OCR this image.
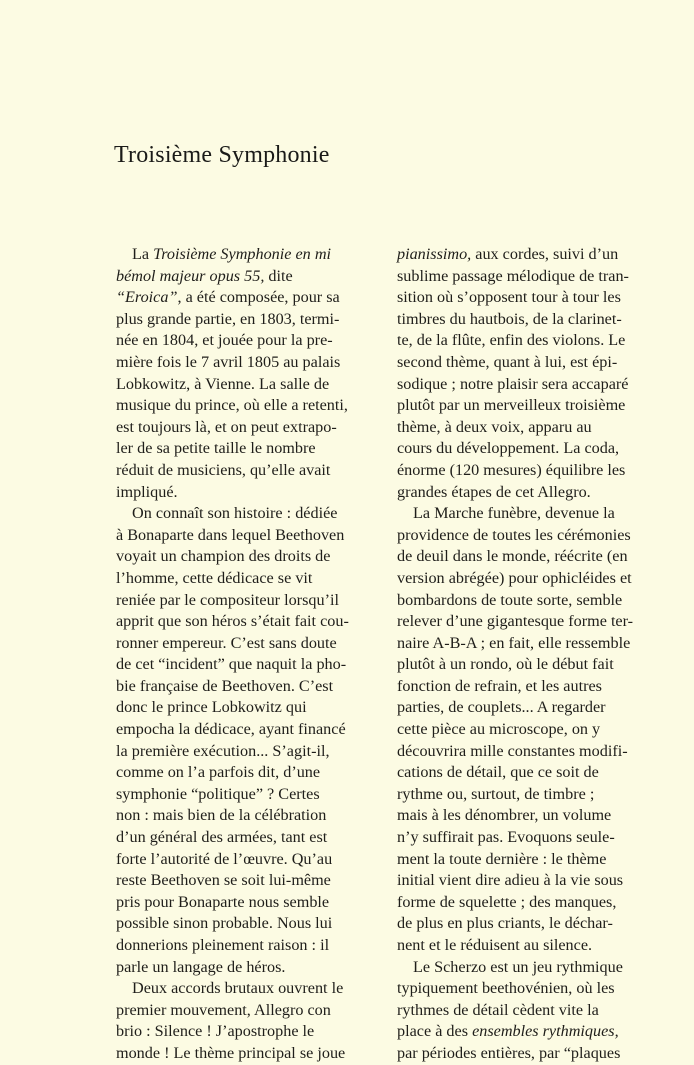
Troisième Symphonie
La Troisième Symphonie en mi
bémol majeur opus 55, dite
“Eroica”, a été composée, pour sa
plus grande partie, en 1803, termi-
née en 1804, et jouée pour la pre-
mière fois le 7 avril 1805 au palais
Lobkowitz, à Vienne. La salle de
musique du prince, où elle a retenti,
est toujours là, et on peut extrapo-
ler de sa petite taille le nombre
réduit de musiciens, qu’elle avait
impliqué.
On connaît son histoire : dédiée
à Bonaparte dans lequel Beethoven
voyait un champion des droits de
l’homme, cette dédicace se vit
reniée par le compositeur lorsqu’il
apprit que son héros s’était fait cou-
ronner empereur. C’est sans doute
de cet “incident” que naquit la pho-
bie française de Beethoven. C’est
donc le prince Lobkowitz qui
empocha la dédicace, ayant financé
la première exécution... S’agit-il,
comme on l’a parfois dit, d’une
symphonie “politique” ? Certes
non : mais bien de la célébration
d’un général des armées, tant est
forte l’autorité de l’œuvre. Qu’au
reste Beethoven se soit lui-même
pris pour Bonaparte nous semble
possible sinon probable. Nous lui
donnerions pleinement raison : il
parle un langage de héros.
Deux accords brutaux ouvrent le
premier mouvement, Allegro con
brio : Silence ! J’apostrophe le
monde ! Le thème principal se joue
pianissimo, aux cordes, suivi d’un
sublime passage mélodique de tran-
sition où s’opposent tour à tour les
timbres du hautbois, de la clarinet-
te, de la flûte, enfin des violons. Le
second thème, quant à lui, est épi-
sodique ; notre plaisir sera accaparé
plutôt par un merveilleux troisième
thème, à deux voix, apparu au
cours du développement. La coda,
énorme (120 mesures) équilibre les
grandes étapes de cet Allegro.
La Marche funèbre, devenue la
providence de toutes les cérémonies
de deuil dans le monde, réécrite (en
version abrégée) pour ophicléides et
bombardons de toute sorte, semble
relever d’une gigantesque forme ter-
naire A-B-A ; en fait, elle ressemble
plutôt à un rondo, où le début fait
fonction de refrain, et les autres
parties, de couplets... A regarder
cette pièce au microscope, on y
découvrira mille constantes modifi-
cations de détail, que ce soit de
rythme ou, surtout, de timbre ;
mais à les dénombrer, un volume
n’y suffirait pas. Evoquons seule-
ment la toute dernière : le thème
initial vient dire adieu à la vie sous
forme de squelette ; des manques,
de plus en plus criants, le déchar-
nent et le réduisent au silence.
Le Scherzo est un jeu rythmique
typiquement beethovénien, où les
rythmes de détail cèdent vite la
place à des ensembles rythmiques,
par périodes entières, par “plaques
